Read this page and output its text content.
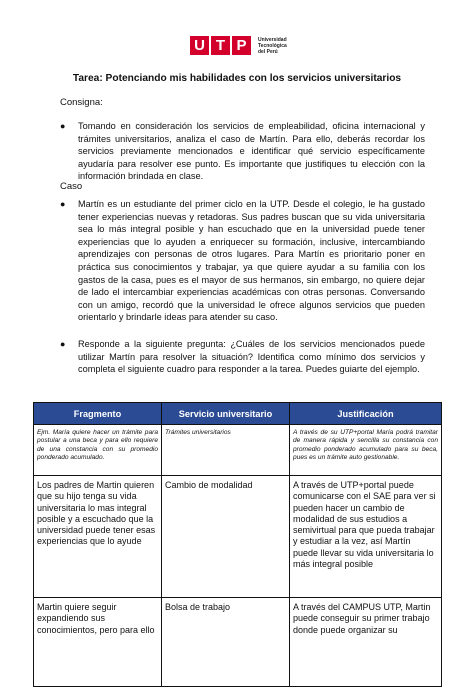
U T P	Universidad
Tecnológica
del Perú
Tarea: Potenciando mis habilidades con los servicios universitarios
Consigna:
● Tomando en consideración los servicios de empleabilidad, oficina internacional y trámites universitarios, analiza el caso de Martín. Para ello, deberás recordar los servicios previamente mencionados e identificar qué servicio específicamente ayudaría para resolver ese punto. Es importante que justifiques tu elección con la información brindada en clase.
Caso
● Martín es un estudiante del primer ciclo en la UTP. Desde el colegio, le ha gustado tener experiencias nuevas y retadoras. Sus padres buscan que su vida universitaria sea lo más integral posible y han escuchado que en la universidad puede tener experiencias que lo ayuden a enriquecer su formación, inclusive, intercambiando aprendizajes con personas de otros lugares. Para Martín es prioritario poner en práctica sus conocimientos y trabajar, ya que quiere ayudar a su familia con los gastos de la casa, pues es el mayor de sus hermanos, sin embargo, no quiere dejar de lado el intercambiar experiencias académicas con otras personas. Conversando con un amigo, recordó que la universidad le ofrece algunos servicios que pueden orientarlo y brindarle ideas para atender su caso.
● Responde a la siguiente pregunta: ¿Cuáles de los servicios mencionados puede utilizar Martín para resolver la situación? Identifica como mínimo dos servicios y completa el siguiente cuadro para responder a la tarea. Puedes guiarte del ejemplo.
Fragmento	Servicio universitario	Justificación
Ejm. María quiere hacer un trámite para postular a una beca y para ello requiere de una constancia con su promedio ponderado acumulado.	Trámites universitarios	A través de su UTP+portal María podrá tramitar de manera rápida y sencilla su constancia con promedio ponderado acumulado para su beca, pues es un trámite auto gestionable.
Los padres de Martin quieren que su hijo tenga su vida universitaria lo mas integral posible y a escuchado que la universidad puede tener esas experiencias que lo ayude	Cambio de modalidad	A través de UTP+portal puede comunicarse con el SAE para ver si pueden hacer un cambio de modalidad de sus estudios a semivirtual para que pueda trabajar y estudiar a la vez, así Martín puede llevar su vida universitaria lo más integral posible
Martin quiere seguir expandiendo sus conocimientos, pero para ello	Bolsa de trabajo	A través del CAMPUS UTP, Martin puede conseguir su primer trabajo donde puede organizar su
